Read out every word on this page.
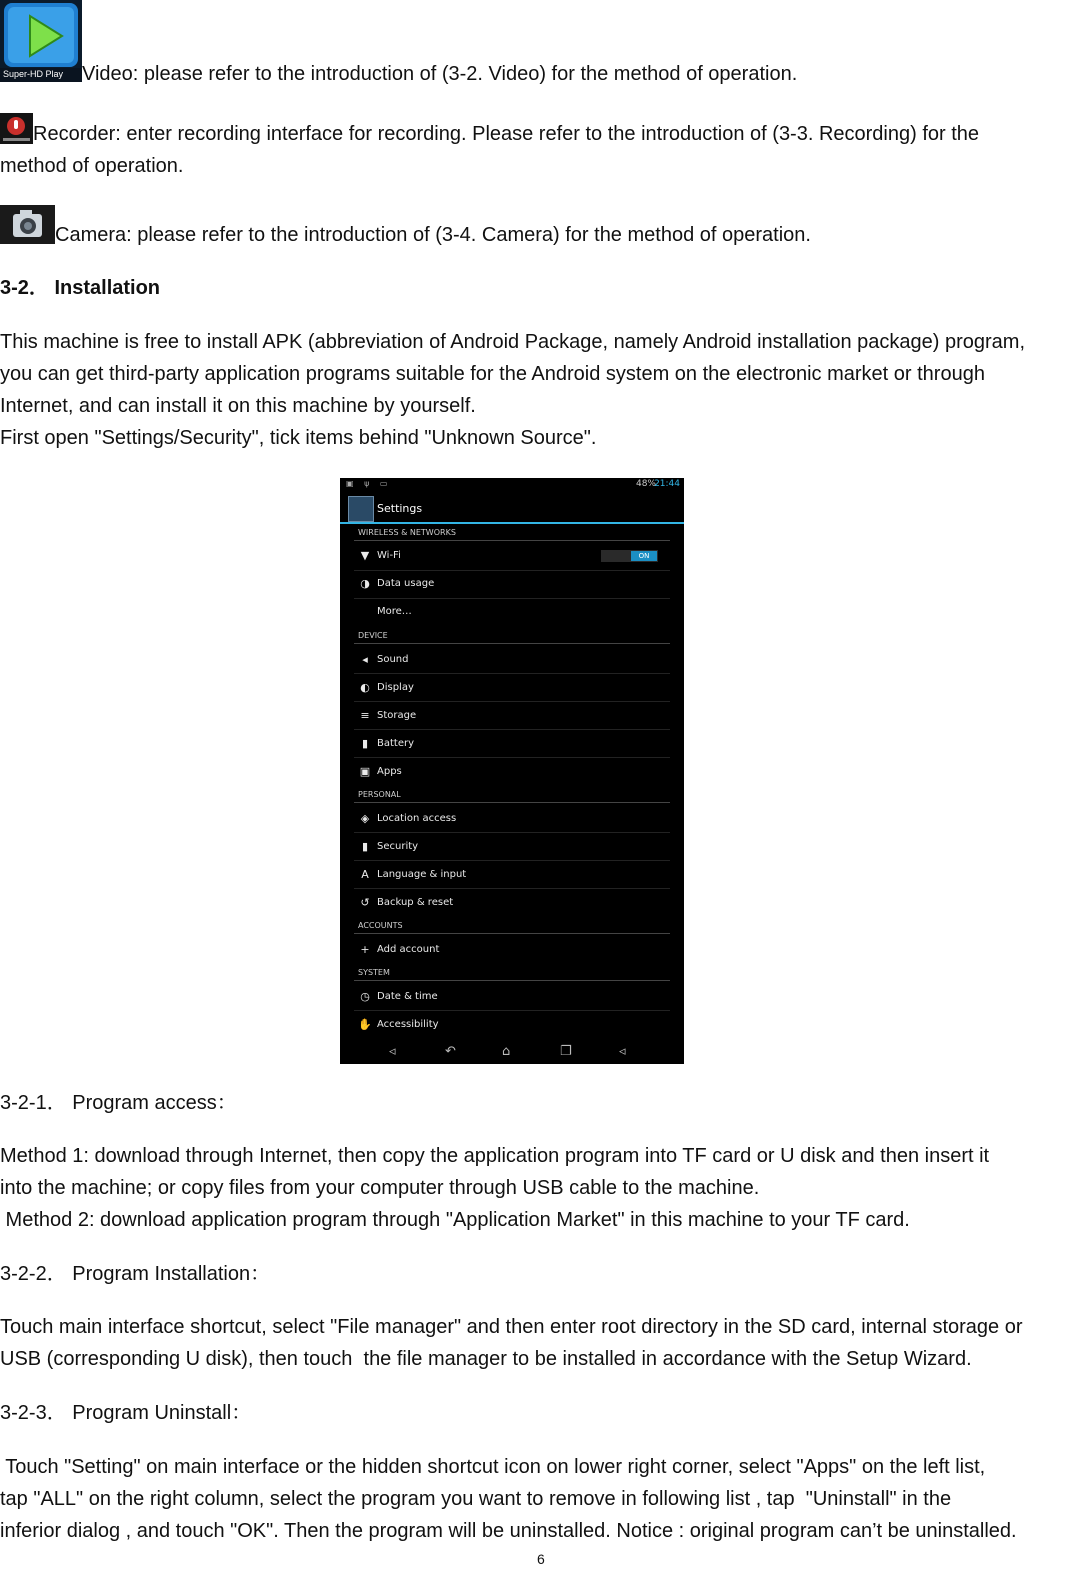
Super-HD Play Video: please refer to the introduction of (3-2. Video) for the method of operation.
Recorder: enter recording interface for recording. Please refer to the introduction of (3-3. Recording) for the
method of operation.
Camera: please refer to the introduction of (3-4. Camera) for the method of operation.
3-2． Installation
This machine is free to install APK (abbreviation of Android Package, namely Android installation package) program,
you can get third-party application programs suitable for the Android system on the electronic market or through
Internet, and can install it on this machine by yourself.
First open "Settings/Security", tick items behind "Unknown Source".
▣ ψ ▭	48%
21:44
Settings
WIRELESS & NETWORKS
DEVICE
PERSONAL
ACCOUNTS
SYSTEM
ON
▼ Wi-Fi
◑ Data usage
More…
◂ Sound
◐ Display
≡ Storage
▮ Battery
▣ Apps
◈ Location access
▮ Security
A Language & input
↺ Backup & reset
+ Add account
◷ Date & time
✋ Accessibility
◃	↶	⌂	❐	◃
3-2-1． Program access：
Method 1: download through Internet, then copy the application program into TF card or U disk and then insert it
into the machine; or copy files from your computer through USB cable to the machine.
Method 2: download application program through "Application Market" in this machine to your TF card.
3-2-2． Program Installation：
Touch main interface shortcut, select "File manager" and then enter root directory in the SD card, internal storage or
USB (corresponding U disk), then touch  the file manager to be installed in accordance with the Setup Wizard.
3-2-3． Program Uninstall：
Touch "Setting" on main interface or the hidden shortcut icon on lower right corner, select "Apps" on the left list,
tap "ALL" on the right column, select the program you want to remove in following list , tap  "Uninstall" in the
inferior dialog , and touch "OK". Then the program will be uninstalled. Notice : original program can’t be uninstalled.
6
